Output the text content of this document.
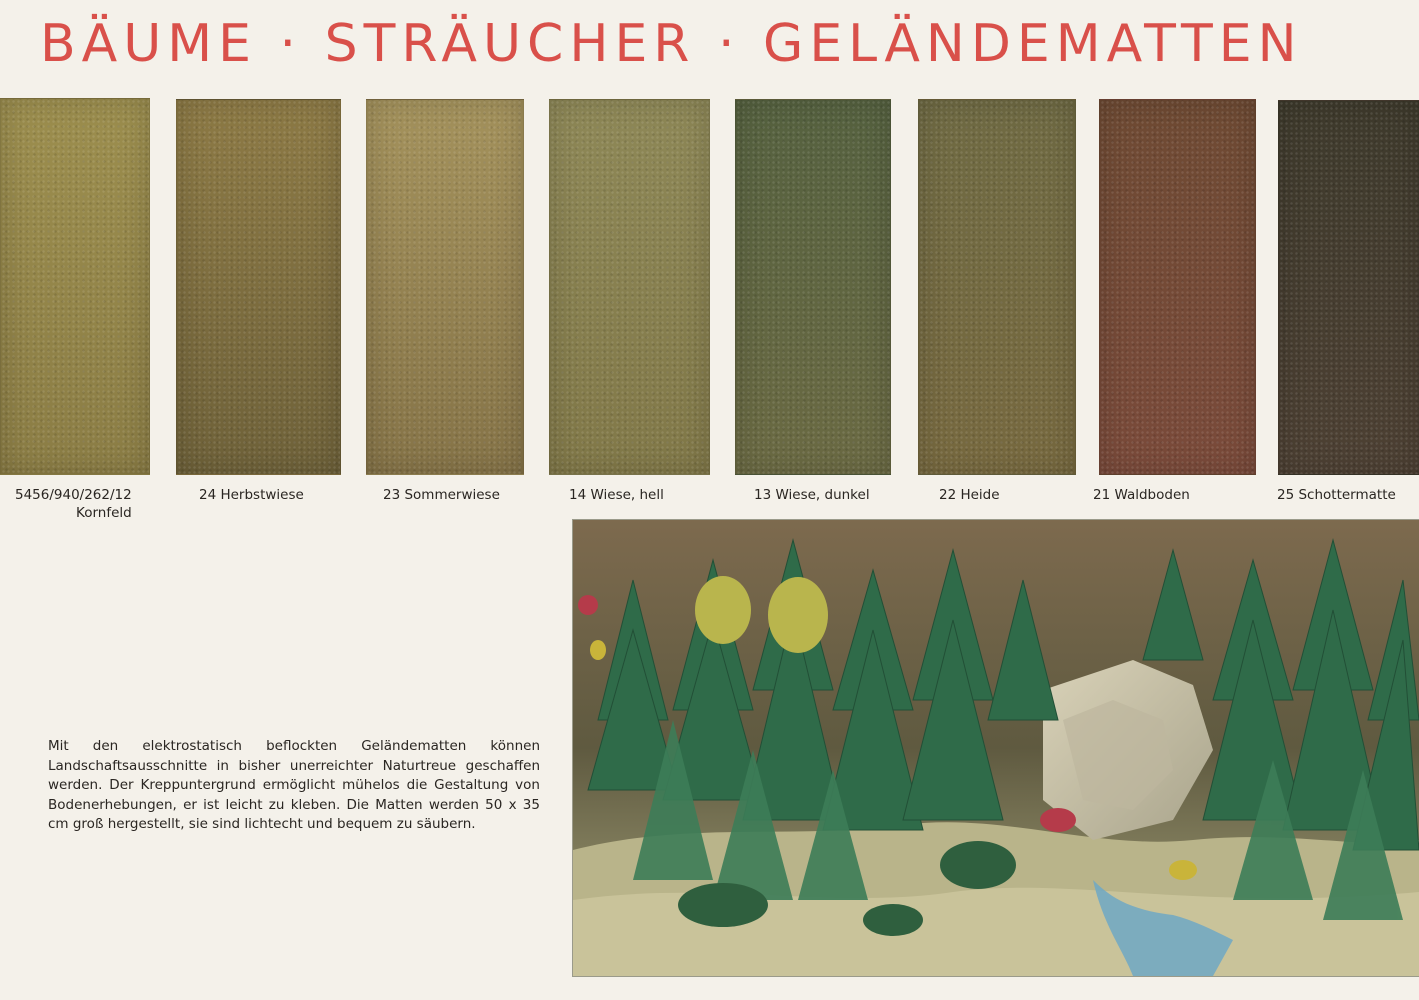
BÄUME · STRÄUCHER · GELÄNDEMATTEN
5456/940/262/12
Kornfeld
24 Herbstwiese	23 Sommerwiese	14 Wiese, hell	13 Wiese, dunkel	22 Heide	21 Waldboden	25 Schottermatte

Mit den elektrostatisch beflockten Geländematten können Landschaftsausschnitte in bisher unerreichter Naturtreue geschaffen werden. Der Kreppuntergrund ermöglicht mühelos die Gestaltung von Bodenerhebungen, er ist leicht zu kleben. Die Matten werden 50 x 35 cm groß hergestellt, sie sind lichtecht und bequem zu säubern.
